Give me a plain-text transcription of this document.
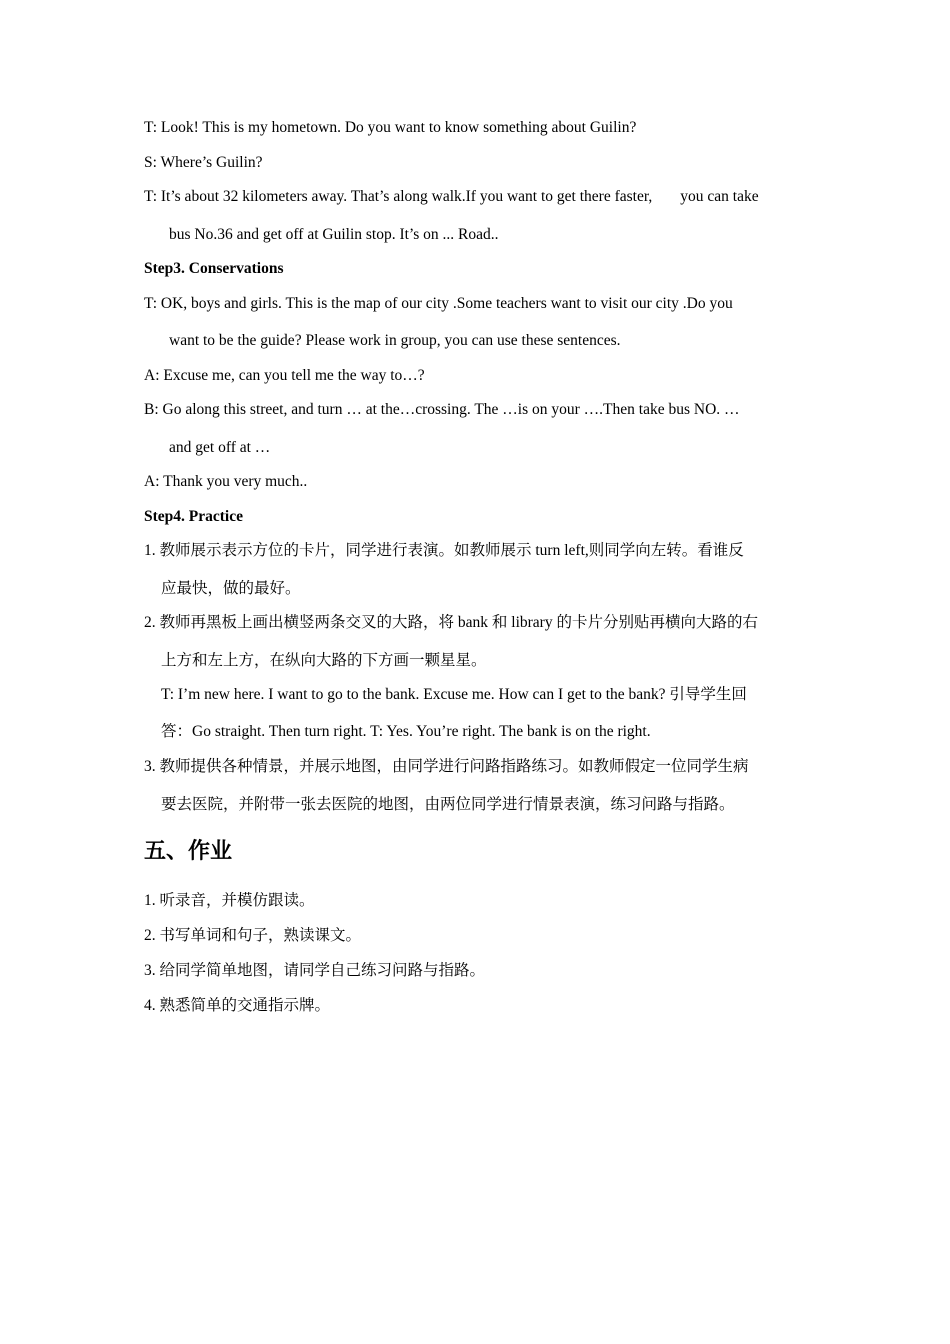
T: Look! This is my hometown. Do you want to know something about Guilin?
S: Where’s Guilin?
T: It’s about 32 kilometers away. That’s along walk.If you want to get there faster, you can take
bus No.36 and get off at Guilin stop. It’s on ... Road..
Step3. Conservations
T: OK, boys and girls. This is the map of our city .Some teachers want to visit our city .Do you
want to be the guide? Please work in group, you can use these sentences.
A: Excuse me, can you tell me the way to…?
B: Go along this street, and turn … at the…crossing. The …is on your ….Then take bus NO. …
and get off at …
A: Thank you very much..
Step4. Practice
1. 教师展示表示方位的卡片，同学进行表演。如教师展示 turn left,则同学向左转。看谁反
应最快，做的最好。
2. 教师再黑板上画出横竖两条交叉的大路，将 bank 和 library 的卡片分别贴再横向大路的右
上方和左上方，在纵向大路的下方画一颗星星。
T: I’m new here. I want to go to the bank. Excuse me. How can I get to the bank? 引导学生回
答：Go straight. Then turn right. T: Yes. You’re right. The bank is on the right.
3. 教师提供各种情景，并展示地图，由同学进行问路指路练习。如教师假定一位同学生病
要去医院，并附带一张去医院的地图，由两位同学进行情景表演，练习问路与指路。
五、作业
1. 听录音，并模仿跟读。
2. 书写单词和句子，熟读课文。
3. 给同学简单地图，请同学自己练习问路与指路。
4. 熟悉简单的交通指示牌。
